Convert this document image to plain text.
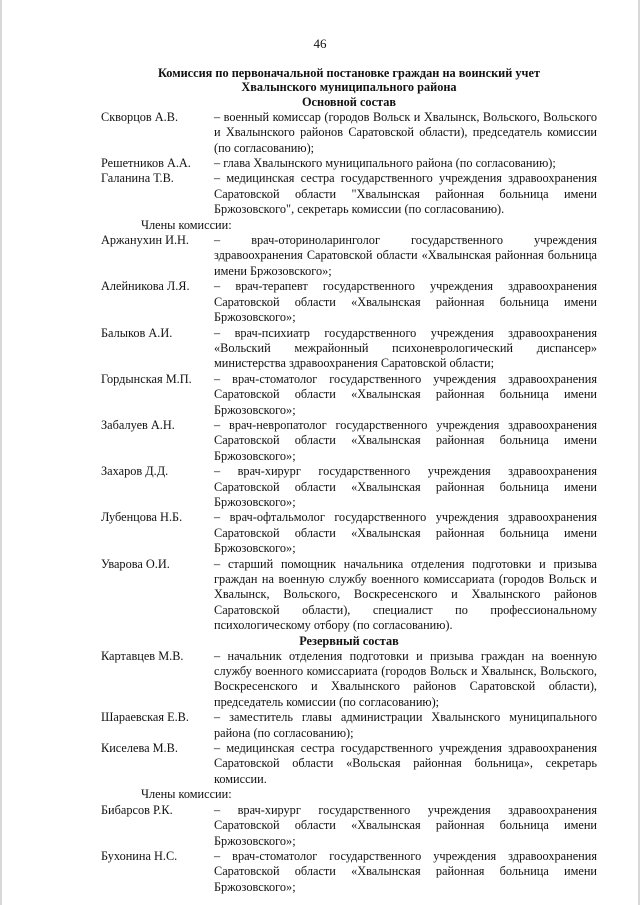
46
Комиссия по первоначальной постановке граждан на воинский учет
Хвалынского муниципального района
Основной состав
Скворцов А.В.	– военный комиссар (городов Вольск и Хвалынск, Вольского, Вольского и Хвалынского районов Саратовской области), председатель комиссии (по согласованию);
Решетников А.А.	– глава Хвалынского муниципального района (по согласованию);
Галанина Т.В.	– медицинская сестра государственного учреждения здравоохранения Саратовской области "Хвалынская районная больница имени Бржозовского", секретарь комиссии (по согласованию).
Члены комиссии:
Аржанухин И.Н.	– врач-оториноларинголог государственного учреждения здравоохранения Саратовской области «Хвалынская районная больница имени Бржозовского»;
Алейникова Л.Я.	– врач-терапевт государственного учреждения здравоохранения Саратовской области «Хвалынская районная больница имени Бржозовского»;
Балыков А.И.	– врач-психиатр государственного учреждения здравоохранения «Вольский межрайонный психоневрологический диспансер» министерства здравоохранения Саратовской области;
Гордынская М.П.	– врач-стоматолог государственного учреждения здравоохранения Саратовской области «Хвалынская районная больница имени Бржозовского»;
Забалуев А.Н.	– врач-невропатолог государственного учреждения здравоохранения Саратовской области «Хвалынская районная больница имени Бржозовского»;
Захаров Д.Д.	– врач-хирург государственного учреждения здравоохранения Саратовской области «Хвалынская районная больница имени Бржозовского»;
Лубенцова Н.Б.	– врач-офтальмолог государственного учреждения здравоохранения Саратовской области «Хвалынская районная больница имени Бржозовского»;
Уварова О.И.	– старший помощник начальника отделения подготовки и призыва граждан на военную службу военного комиссариата (городов Вольск и Хвалынск, Вольского, Воскресенского и Хвалынского районов Саратовской области), специалист по профессиональному психологическому отбору (по согласованию).
Резервный состав
Картавцев М.В.	– начальник отделения подготовки и призыва граждан на военную службу военного комиссариата (городов Вольск и Хвалынск, Вольского, Воскресенского и Хвалынского районов Саратовской области), председатель комиссии (по согласованию);
Шараевская Е.В.	– заместитель главы администрации Хвалынского муниципального района (по согласованию);
Киселева М.В.	– медицинская сестра государственного учреждения здравоохранения Саратовской области «Вольская районная больница», секретарь комиссии.
Члены комиссии:
Бибарсов Р.К.	– врач-хирург государственного учреждения здравоохранения Саратовской области «Хвалынская районная больница имени Бржозовского»;
Бухонина Н.С.	– врач-стоматолог государственного учреждения здравоохранения Саратовской области «Хвалынская районная больница имени Бржозовского»;
